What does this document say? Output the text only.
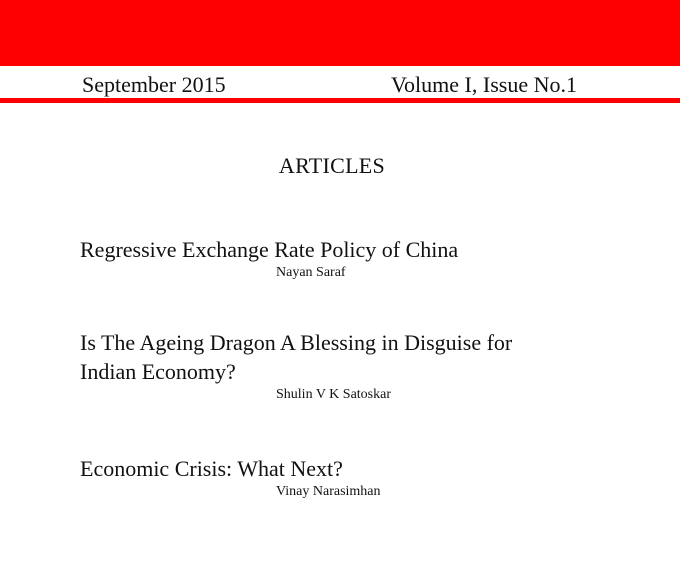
September 2015	Volume I, Issue No.1
ARTICLES
Regressive Exchange Rate Policy of China
Nayan Saraf
Is The Ageing Dragon A Blessing in Disguise for
Indian Economy?
Shulin V K Satoskar
Economic Crisis: What Next?
Vinay Narasimhan
